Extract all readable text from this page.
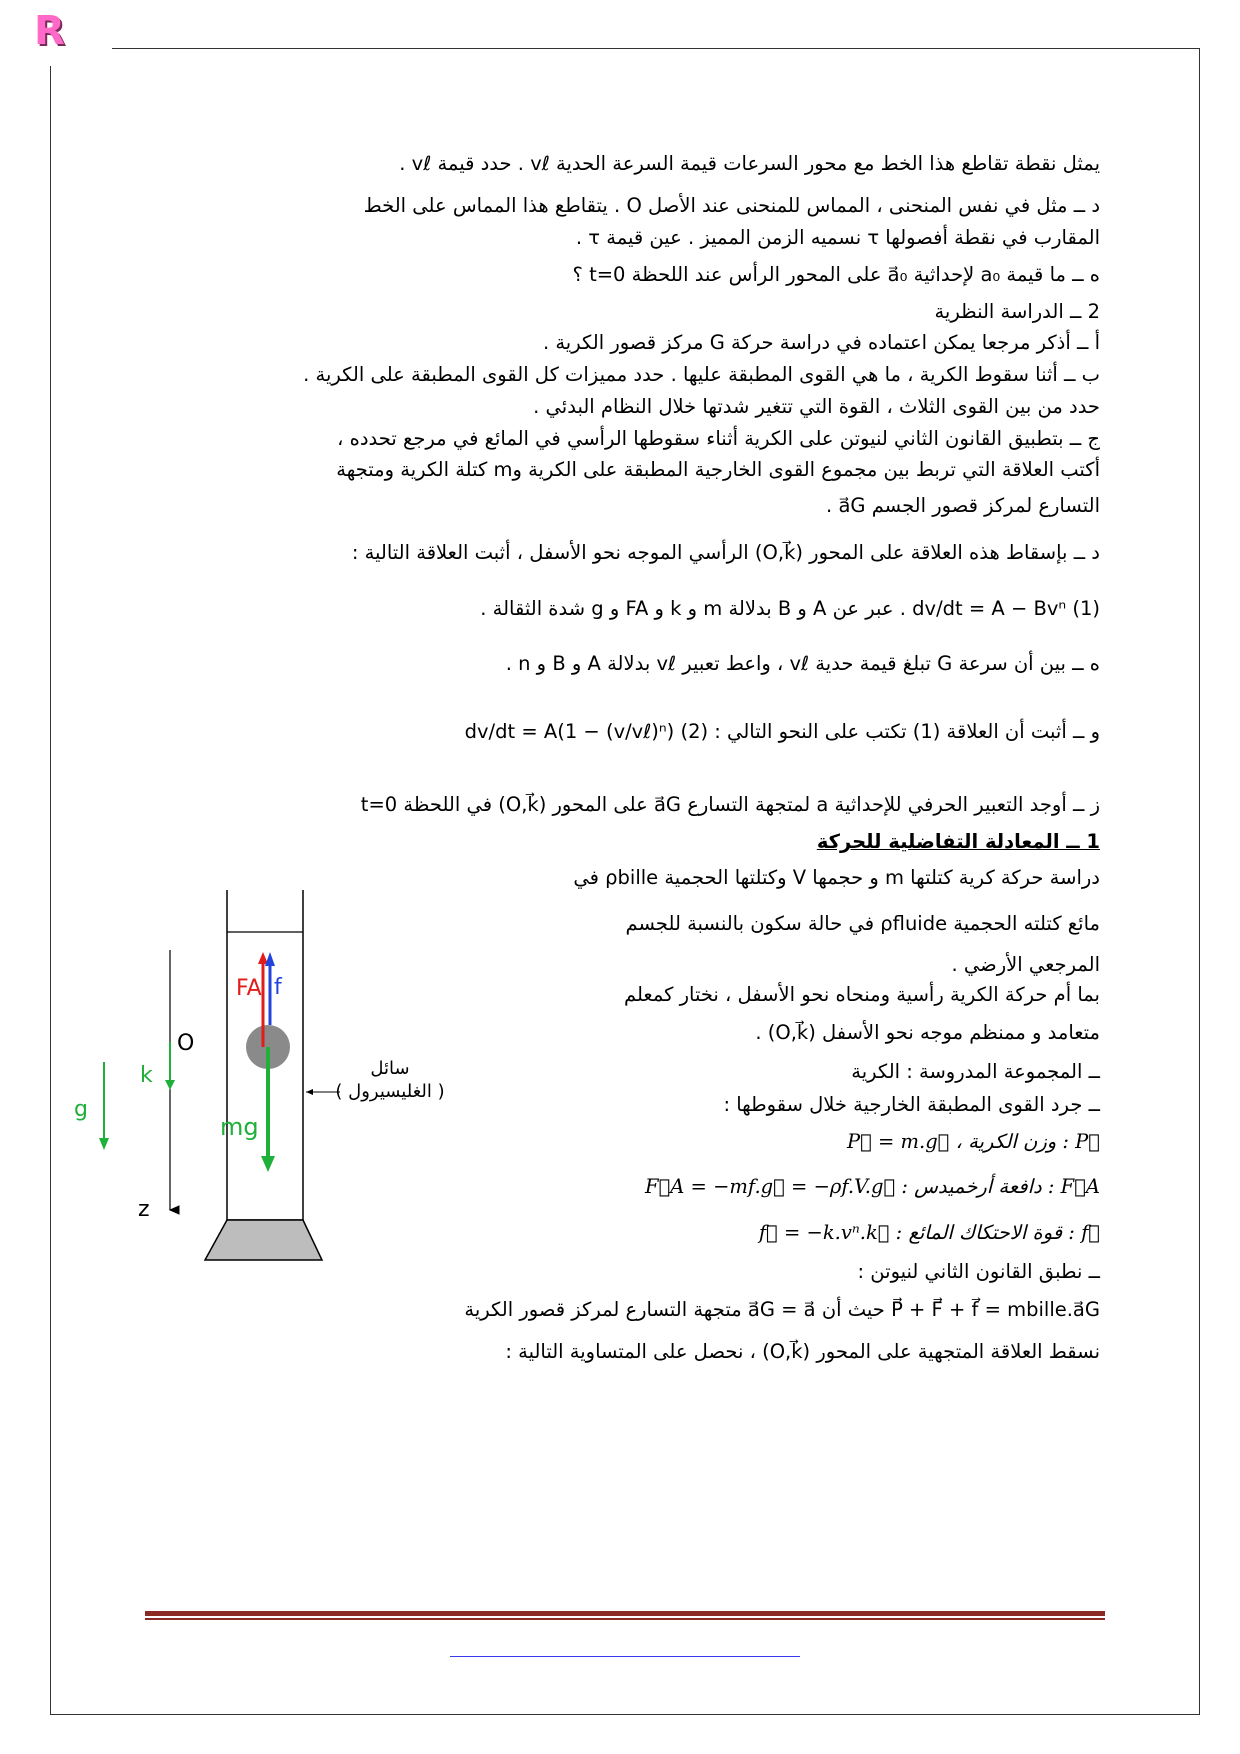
R
يمثل نقطة تقاطع هذا الخط مع محور السرعات قيمة السرعة الحدية vℓ . حدد قيمة vℓ .
د ــ مثل في نفس المنحنى ، المماس للمنحنى عند الأصل O . يتقاطع هذا المماس على الخط
المقارب في نقطة أفصولها τ نسميه الزمن المميز . عين قيمة τ .
ه ــ ما قيمة a₀ لإحداثية a⃗₀ على المحور الرأس عند اللحظة t=0 ؟
2 ــ الدراسة النظرية
أ ــ أذكر مرجعا يمكن اعتماده في دراسة حركة G مركز قصور الكرية .
ب ــ أثنا سقوط الكرية ، ما هي القوى المطبقة عليها . حدد مميزات كل القوى المطبقة على الكرية .
حدد من بين القوى الثلاث ، القوة التي تتغير شدتها خلال النظام البدئي .
ج ــ بتطبيق القانون الثاني لنيوتن على الكرية أثناء سقوطها الرأسي في المائع في مرجع تحدده ،
أكتب العلاقة التي تربط بين مجموع القوى الخارجية المطبقة على الكرية وm كتلة الكرية ومتجهة
التسارع لمركز قصور الجسم a⃗G .
د ــ بإسقاط هذه العلاقة على المحور (O,k⃗) الرأسي الموجه نحو الأسفل ، أثبت العلاقة التالية :
dv/dt = A − Bvⁿ (1) . عبر عن A و B بدلالة m و k و FA و g شدة الثقالة .
ه ــ بين أن سرعة G تبلغ قيمة حدية vℓ ، واعط تعبير vℓ بدلالة A و B و n .
و ــ أثبت أن العلاقة (1) تكتب على النحو التالي : dv/dt = A(1 − (v/vℓ)ⁿ) (2)
ز ــ أوجد التعبير الحرفي للإحداثية a لمتجهة التسارع a⃗G على المحور (O,k⃗) في اللحظة t=0
1 ــ المعادلة التفاضلية للحركة
دراسة حركة كرية كتلتها m و حجمها V وكتلتها الحجمية ρbille في
مائع كتلته الحجمية ρfluide في حالة سكون بالنسبة للجسم
المرجعي الأرضي .
بما أم حركة الكرية رأسية ومنحاه نحو الأسفل ، نختار كمعلم
متعامد و ممنظم موجه نحو الأسفل (O,k⃗) .
ــ المجموعة المدروسة : الكرية
ــ جرد القوى المطبقة الخارجية خلال سقوطها :
P⃗ : وزن الكرية ، P⃗ = m.g⃗
F⃗A : دافعة أرخميدس : F⃗A = −mf.g⃗ = −ρf.V.g⃗
f⃗ : قوة الاحتكاك المائع : f⃗ = −k.vⁿ.k⃗
ــ نطبق القانون الثاني لنيوتن :
P⃗ + F⃗ + f⃗ = mbille.a⃗G حيث أن a⃗G = a⃗ متجهة التسارع لمركز قصور الكرية
نسقط العلاقة المتجهية على المحور (O,k⃗) ، نحصل على المتساوية التالية :
FA f
mg
O
z
k
g
سائل
( الغليسيرول )
